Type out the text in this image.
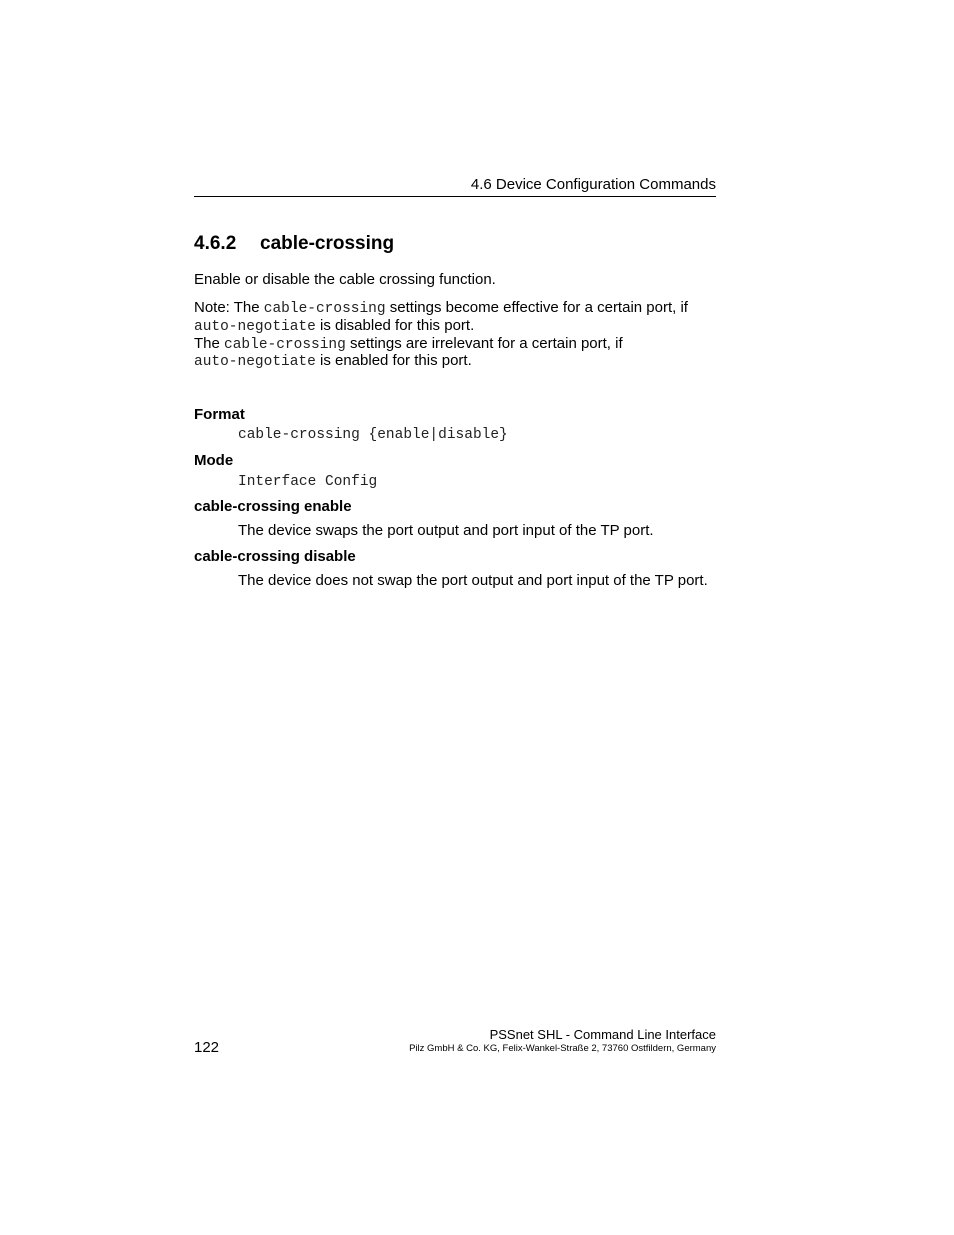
4.6 Device Configuration Commands
4.6.2 cable-crossing
Enable or disable the cable crossing function.
Note: The cable-crossing settings become effective for a certain port, if
auto-negotiate is disabled for this port.
The cable-crossing settings are irrelevant for a certain port, if
auto-negotiate is enabled for this port.
Format
cable-crossing {enable|disable}
Mode
Interface Config
cable-crossing enable
The device swaps the port output and port input of the TP port.
cable-crossing disable
The device does not swap the port output and port input of the TP port.
PSSnet SHL - Command Line Interface
Pilz GmbH & Co. KG, Felix-Wankel-Straße 2, 73760 Ostfildern, Germany
122
